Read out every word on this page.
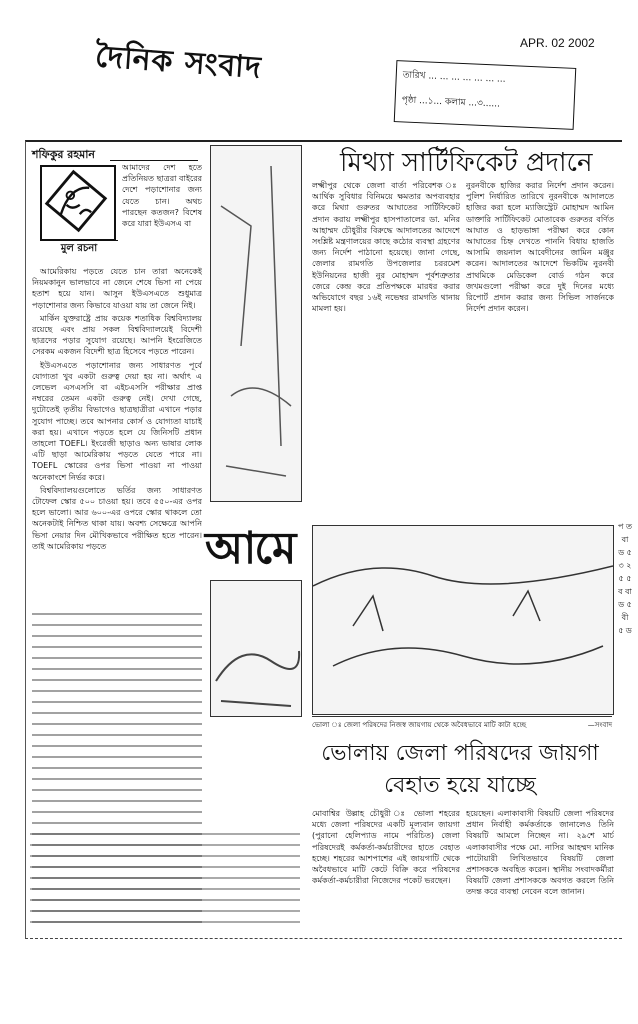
দৈনিক সংবাদ	APR. 02 2002
তারিখ ... ... ... ... ... ... ...
পৃষ্ঠা ...১... কলাম ...৩......
শফিকুর রহমান
মুল রচনা
আমাদের দেশ হতে প্রতিনিয়ত ছাত্ররা বাইরের দেশে পড়াশোনার জন্য যেতে চান। অথচ পারছেন কতজন? বিশেষ করে যারা ইউএসএ বা

আমেরিকায় পড়তে যেতে চান তারা অনেকেই নিয়মকানুন ভালভাবে না জেনে শেষে ভিসা না পেয়ে হতাশ হয়ে যান। আসুন ইউএসএতে শুধুমাত্র পড়াশোনার জন্য কিভাবে যাওয়া যায় তা জেনে নিই।

মার্কিন যুক্তরাষ্ট্রে প্রায় কয়েক শতাধিক বিশ্ববিদ্যালয় রয়েছে এবং প্রায় সকল বিশ্ববিদ্যালয়েই বিদেশী ছাত্রদের পড়ার সুযোগ রয়েছে। আপনি ইংরেজিতে সেরকম একজন বিদেশী ছাত্র হিসেবে পড়তে পারেন।

ইউএসএতে পড়াশোনার জন্য সাধারণত পূর্বে যোগ্যতা খুব একটা গুরুত্ব দেয়া হয় না। অর্থাৎ এ লেভেল এসএসসি বা এইচএসসি পরীক্ষার প্রাপ্ত নম্বরের তেমন একটা গুরুত্ব নেই। দেখা গেছে, দুটোতেই তৃতীয় বিভাগেও ছাত্রছাত্রীরা এখানে পড়ার সুযোগ পাচ্ছে। তবে আপনার কোর্স ও যোগ্যতা যাচাই করা হয়। এখানে পড়তে হলে যে জিনিসটি প্রধান তাহলো TOEFL। ইংরেজী ছাড়াও অন্য ভাষার লোক এটি ছাড়া আমেরিকায় পড়তে যেতে পারে না। TOEFL স্কোরের ওপর ভিসা পাওয়া না পাওয়া অনেকাংশে নির্ভর করে।

বিশ্ববিদ্যালয়গুলোতে ভর্তির জন্য সাধারণত টোফেল স্কোর ৫০০ চাওয়া হয়। তবে ৫৫০-এর ওপর হলে ভালো। আর ৬০০-এর ওপরে স্কোর থাকলে তো অনেকটাই নিশ্চিত থাকা যায়। অবশ্য সেক্ষেত্রে আপনি ভিসা নেয়ার দিন মৌখিকভাবে পরীক্ষিত হতে পারেন। তাই আমেরিকায় পড়তে	আমে
মিথ্যা সার্টিফিকেট প্রদানে
লক্ষ্মীপুর থেকে জেলা বার্তা পরিবেশক ঃ আর্থিক সুবিধার বিনিময়ে ক্ষমতার অপব্যবহার করে মিথ্যা গুরুতর আঘাতের সার্টিফিকেট প্রদান করায় লক্ষ্মীপুর হাসপাতালের ডা. মনির আহাম্মদ চৌধুরীর বিরুদ্ধে আদালতের আদেশে সংশ্লিষ্ট মন্ত্রণালয়ের কাছে কঠোর ব্যবস্থা গ্রহণের জন্য নির্দেশ পাঠানো হয়েছে। জানা গেছে, জেলার রামগতি উপজেলার চররমেশ ইউনিয়নের হাজী নুর মোহাম্মদ পূর্বশত্রুতার জেরে কেন্দ্র করে প্রতিপক্ষকে মারধর করার অভিযোগে বছর ১৬ই নভেম্বর রামগতি থানায় মামলা হয়।
নুরনবীকে হাজির করার নির্দেশ প্রদান করেন। পুলিশ নির্ধারিত তারিখে নুরনবীকে আদালতে হাজির করা হলে ম্যাজিস্ট্রেট মোহাম্মদ আমিন ডাক্তারি সার্টিফিকেট মোতাবেক গুরুতর বর্ণিত আঘাত ও হাড়ভাঙ্গা পরীক্ষা করে কোন আঘাতের চিহ্ন দেখতে পাননি বিধায় হাজতি আসামি জয়নাল আবেদীনের জামিন মঞ্জুর করেন। আদালতের আদেশে ভিকটিম নুরনবী প্রাথমিকে মেডিকেল বোর্ড গঠন করে জখমগুলো পরীক্ষা করে দুই দিনের মধ্যে রিপোর্ট প্রদান করার জন্য সিভিল সার্জনকে নির্দেশ প্রদান করেন।
ভোলা ঃ জেলা পরিষদের নিজস্ব জায়গায় থেকে অবৈধভাবে মাটি কাটা হচ্ছে	—সংবাদ
ভোলায় জেলা পরিষদের জায়গা
বেহাত হয়ে যাচ্ছে
মোবাশ্বির উল্লাহ চৌধুরী ঃ ভোলা শহরের মধ্যে জেলা পরিষদের একটি মূল্যবান জায়গা (পুরানো হেলিপ্যাড নামে পরিচিত) জেলা পরিষদেরই কর্মকর্তা-কর্মচারীদের হাতে বেহাত হচ্ছে। শহরের আশপাশের এই জায়গাটি থেকে অবৈধভাবে মাটি কেটে বিক্রি করে পরিষদের কর্মকর্তা-কর্মচারীরা নিজেদের পকেট ভরছেন।
হয়েছেন। এলাকাবাসী বিষয়টি জেলা পরিষদের প্রধান নির্বাহী কর্মকর্তাকে জানালেও তিনি বিষয়টি আমলে নিচ্ছেন না। ২৯শে মার্চ এলাকাবাসীর পক্ষে মো. নাসির আহম্মদ মানিক পাটোয়ারী লিখিতভাবে বিষয়টি জেলা প্রশাসককে অবহিত করেন। স্থানীয় সংবাদকর্মীরা বিষয়টি জেলা প্রশাসককে অবগত করলে তিনি তদন্ত করে ব্যবস্থা নেবেন বলে জানান।
প ত বা ড ৫ ৩ ২ ৫ ৫ ব বা ড ৫ বী ৫ ড
